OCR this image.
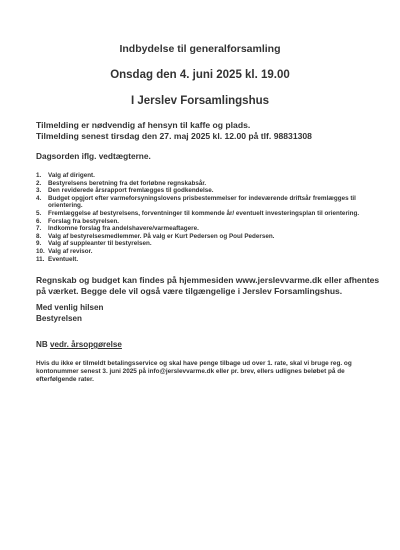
Indbydelse til generalforsamling
Onsdag den 4. juni 2025 kl. 19.00
I Jerslev Forsamlingshus
Tilmelding er nødvendig af hensyn til kaffe og plads.
Tilmelding senest tirsdag den 27. maj 2025 kl. 12.00 på tlf. 98831308
Dagsorden iflg. vedtægterne.
1.	Valg af dirigent.
2.	Bestyrelsens beretning fra det forløbne regnskabsår.
3.	Den reviderede årsrapport fremlægges til godkendelse.
4.	Budget opgjort efter varmeforsyningslovens prisbestemmelser for indeværende driftsår fremlægges til orientering.
5.	Fremlæggelse af bestyrelsens, forventninger til kommende år/ eventuelt investeringsplan til orientering.
6.	Forslag fra bestyrelsen.
7.	Indkomne forslag fra andelshavere/varmeaftagere.
8.	Valg af bestyrelsesmedlemmer. På valg er Kurt Pedersen og Poul Pedersen.
9.	Valg af suppleanter til bestyrelsen.
10. Valg af revisor.
11. Eventuelt.
Regnskab og budget kan findes på hjemmesiden www.jerslevvarme.dk eller afhentes på værket. Begge dele vil også være tilgængelige i Jerslev Forsamlingshus.
Med venlig hilsen
Bestyrelsen
NB vedr. årsopgørelse
Hvis du ikke er tilmeldt betalingsservice og skal have penge tilbage ud over 1. rate, skal vi bruge reg. og kontonummer senest 3. juni 2025 på info@jerslevvarme.dk eller pr. brev, ellers udlignes beløbet på de efterfølgende rater.
